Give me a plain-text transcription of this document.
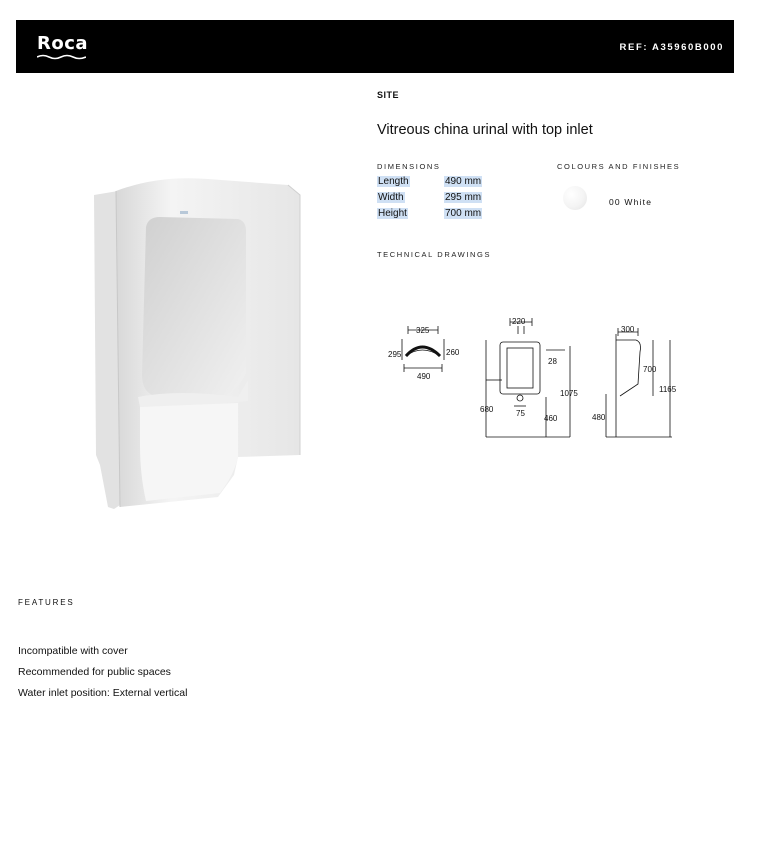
Roca	REF: A35960B000
SITE
Vitreous china urinal with top inlet
DIMENSIONS	COLOURS AND FINISHES
Length	490 mm
Width	295 mm
Height	700 mm
00 White
TECHNICAL DRAWINGS
325
295	260
490
220
28
1075
680	75
460
300
700
1165
480
FEATURES
Incompatible with cover
Recommended for public spaces
Water inlet position: External vertical
